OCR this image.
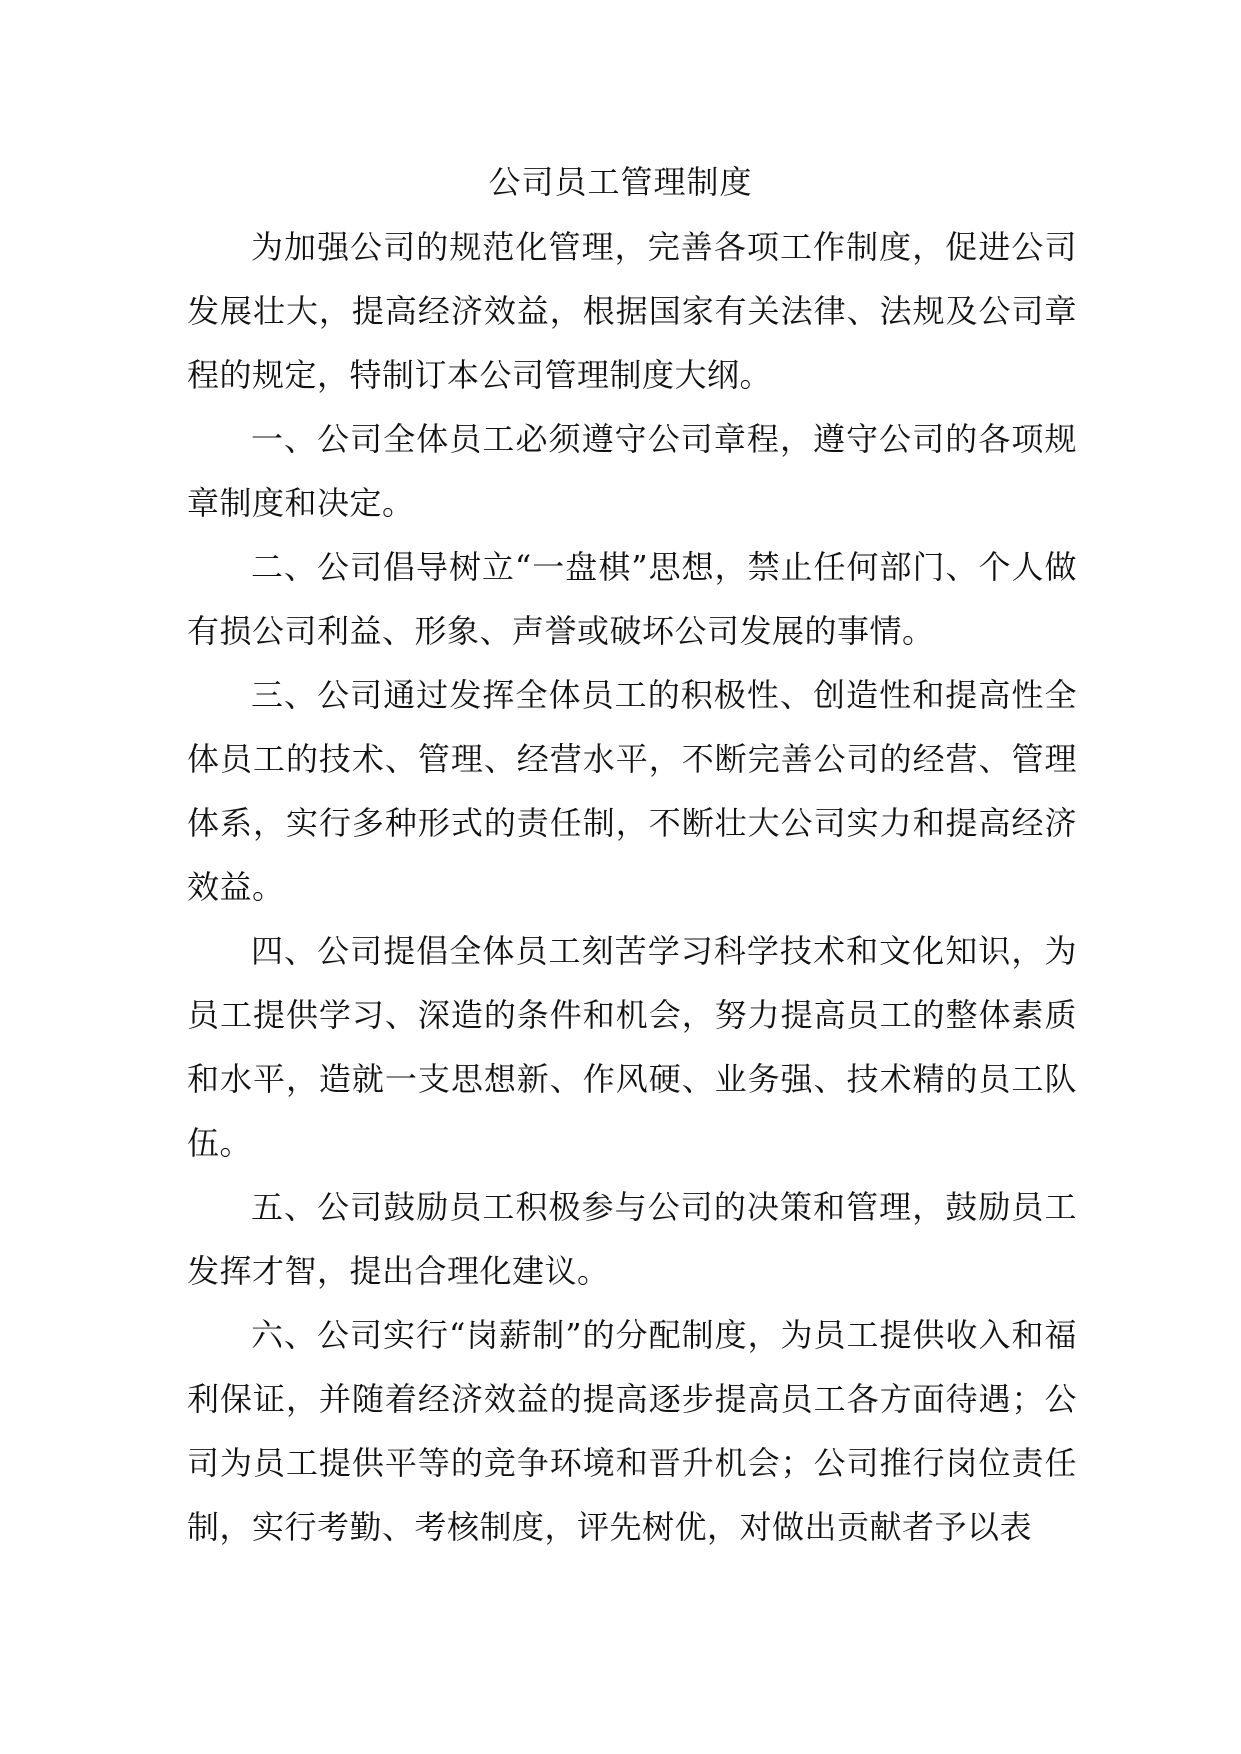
公司员工管理制度

为加强公司的规范化管理，完善各项工作制度，促进公司发展壮大，提高经济效益，根据国家有关法律、法规及公司章程的规定，特制订本公司管理制度大纲。

一、公司全体员工必须遵守公司章程，遵守公司的各项规章制度和决定。

二、公司倡导树立“一盘棋”思想，禁止任何部门、个人做有损公司利益、形象、声誉或破坏公司发展的事情。

三、公司通过发挥全体员工的积极性、创造性和提高性全体员工的技术、管理、经营水平，不断完善公司的经营、管理体系，实行多种形式的责任制，不断壮大公司实力和提高经济效益。

四、公司提倡全体员工刻苦学习科学技术和文化知识，为员工提供学习、深造的条件和机会，努力提高员工的整体素质和水平，造就一支思想新、作风硬、业务强、技术精的员工队伍。

五、公司鼓励员工积极参与公司的决策和管理，鼓励员工发挥才智，提出合理化建议。

六、公司实行“岗薪制”的分配制度，为员工提供收入和福利保证，并随着经济效益的提高逐步提高员工各方面待遇；公司为员工提供平等的竞争环境和晋升机会；公司推行岗位责任制，实行考勤、考核制度，评先树优，对做出贡献者予以表
